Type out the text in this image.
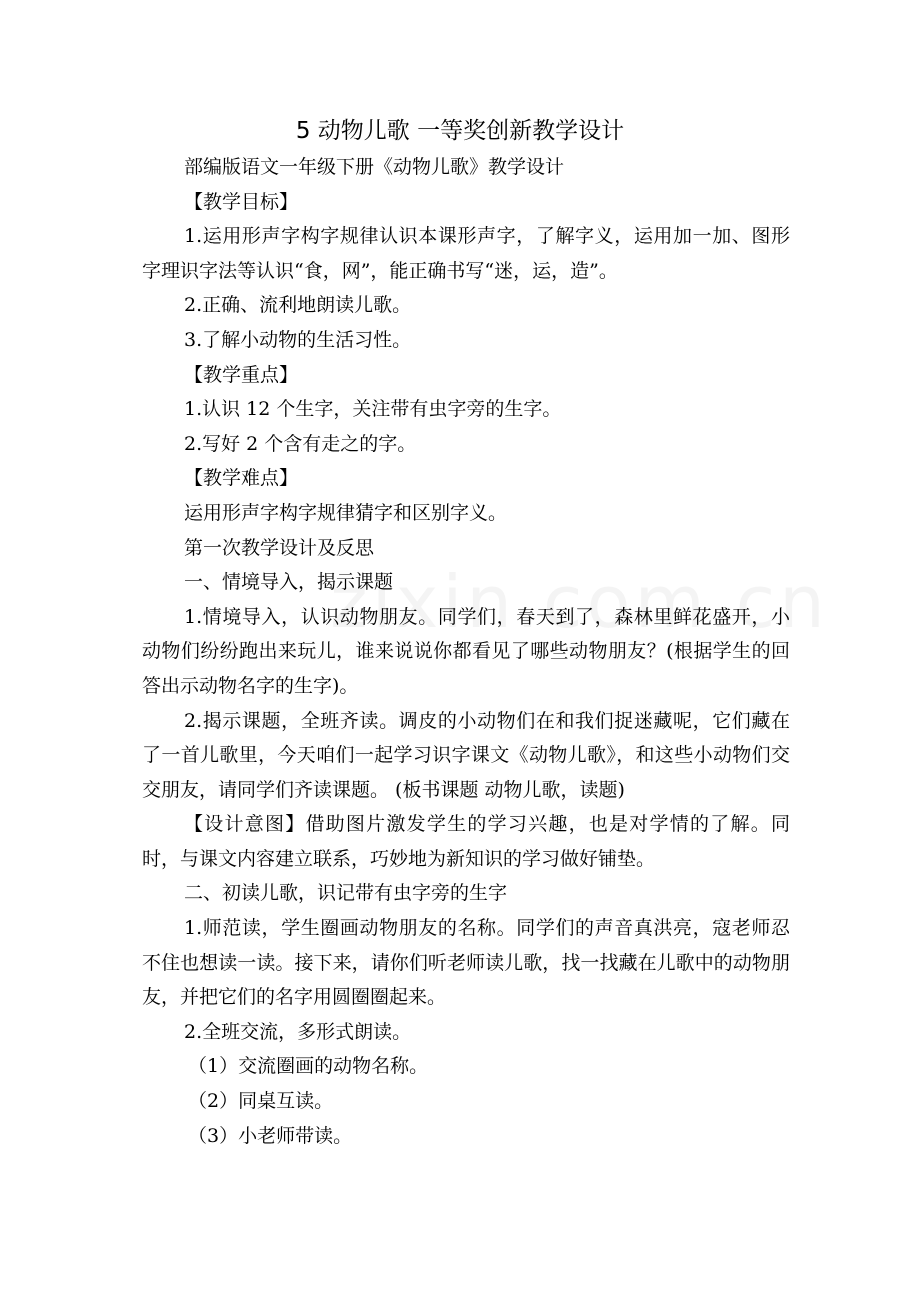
5 动物儿歌 一等奖创新教学设计

部编版语文一年级下册《动物儿歌》教学设计

【教学目标】

1.运用形声字构字规律认识本课形声字，了解字义，运用加一加、图形字理识字法等认识“食，网”，能正确书写“迷，运，造”。

2.正确、流利地朗读儿歌。

3.了解小动物的生活习性。

【教学重点】

1.认识 12 个生字，关注带有虫字旁的生字。

2.写好 2 个含有走之的字。

【教学难点】

运用形声字构字规律猜字和区别字义。

第一次教学设计及反思

一、情境导入，揭示课题

1.情境导入，认识动物朋友。同学们，春天到了，森林里鲜花盛开，小动物们纷纷跑出来玩儿，谁来说说你都看见了哪些动物朋友？(根据学生的回答出示动物名字的生字)。

2.揭示课题，全班齐读。调皮的小动物们在和我们捉迷藏呢，它们藏在了一首儿歌里，今天咱们一起学习识字课文《动物儿歌》，和这些小动物们交交朋友，请同学们齐读课题。 (板书课题 动物儿歌，读题)

【设计意图】借助图片激发学生的学习兴趣，也是对学情的了解。同时，与课文内容建立联系，巧妙地为新知识的学习做好铺垫。

二、初读儿歌，识记带有虫字旁的生字

1.师范读，学生圈画动物朋友的名称。同学们的声音真洪亮，寇老师忍不住也想读一读。接下来，请你们听老师读儿歌，找一找藏在儿歌中的动物朋友，并把它们的名字用圆圈圈起来。

2.全班交流，多形式朗读。

（1）交流圈画的动物名称。

（2）同桌互读。

（3）小老师带读。
